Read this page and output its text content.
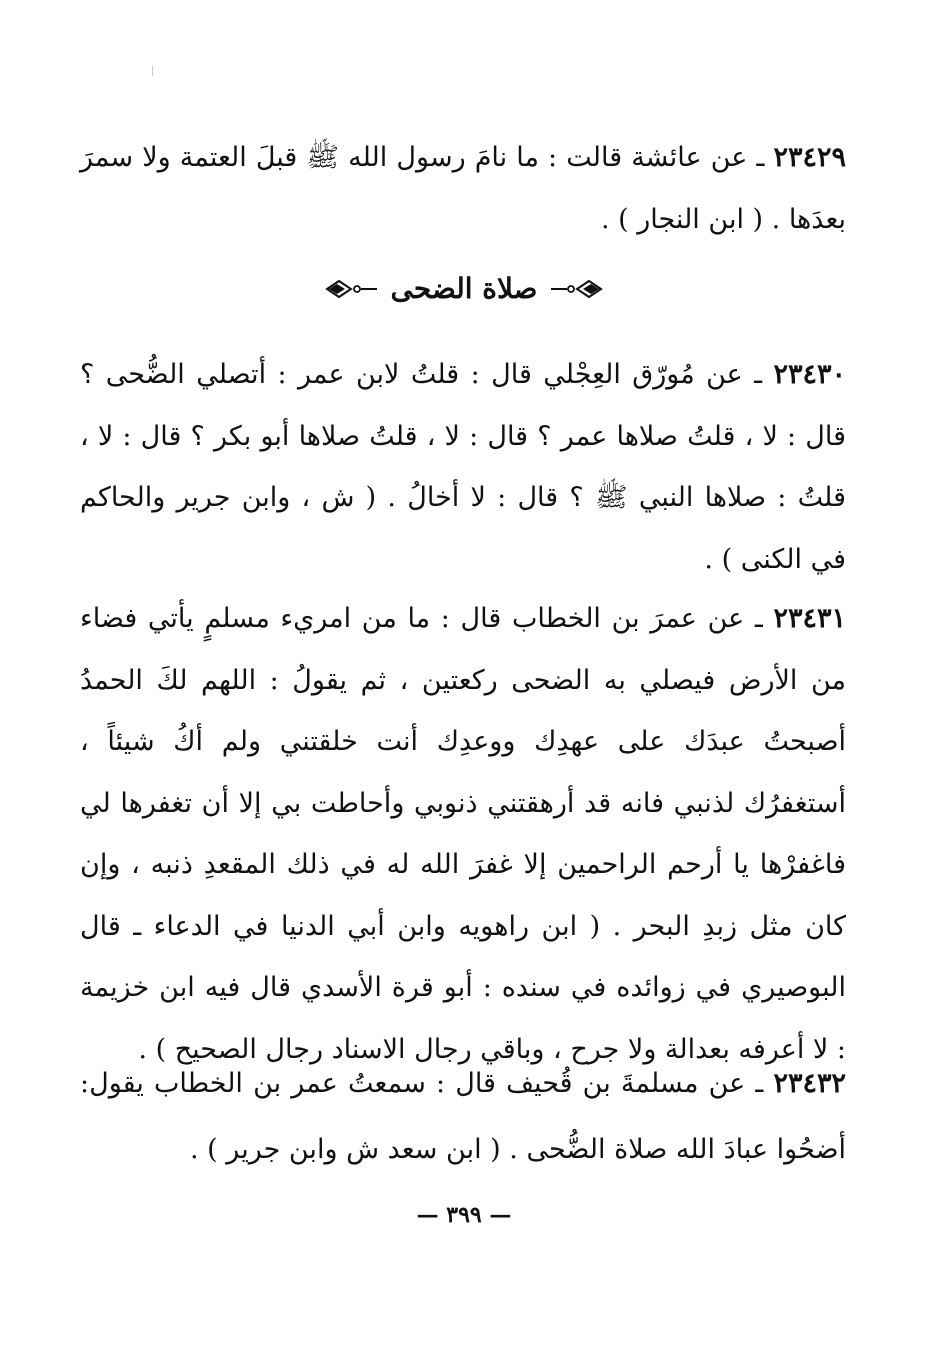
٢٣٤٢٩ ـ عن عائشة قالت : ما نامَ رسول الله ﷺ قبلَ العتمة ولا سمرَ بعدَها . ( ابن النجار ) .

صلاة الضحى

٢٣٤٣٠ ـ عن مُورّق العِجْلي قال : قلتُ لابن عمر : أتصلي الضُّحى ؟ قال : لا ، قلتُ صلاها عمر ؟ قال : لا ، قلتُ صلاها أبو بكر ؟ قال : لا ، قلتُ : صلاها النبي ﷺ ؟ قال : لا أخالُ . ( ش ، وابن جرير والحاكم في الكنى ) .

٢٣٤٣١ ـ عن عمرَ بن الخطاب قال : ما من امريء مسلمٍ يأتي فضاء من الأرض فيصلي به الضحى ركعتين ، ثم يقولُ : اللهم لكَ الحمدُ أصبحتُ عبدَك على عهدِك ووعدِك أنت خلقتني ولم أكُ شيئاً ، أستغفرُك لذنبي فانه قد أرهقتني ذنوبي وأحاطت بي إلا أن تغفرها لي فاغفرْها يا أرحم الراحمين إلا غفرَ الله له في ذلك المقعدِ ذنبه ، وإن كان مثل زبدِ البحر . ( ابن راهويه وابن أبي الدنيا في الدعاء ـ قال البوصيري في زوائده في سنده : أبو قرة الأسدي قال فيه ابن خزيمة : لا أعرفه بعدالة ولا جرح ، وباقي رجال الاسناد رجال الصحيح ) .

٢٣٤٣٢ ـ عن مسلمةَ بن قُحيف قال : سمعتُ عمر بن الخطاب يقول: أضحُوا عبادَ الله صلاة الضُّحى . ( ابن سعد ش وابن جرير ) .

— ٣٩٩ —
